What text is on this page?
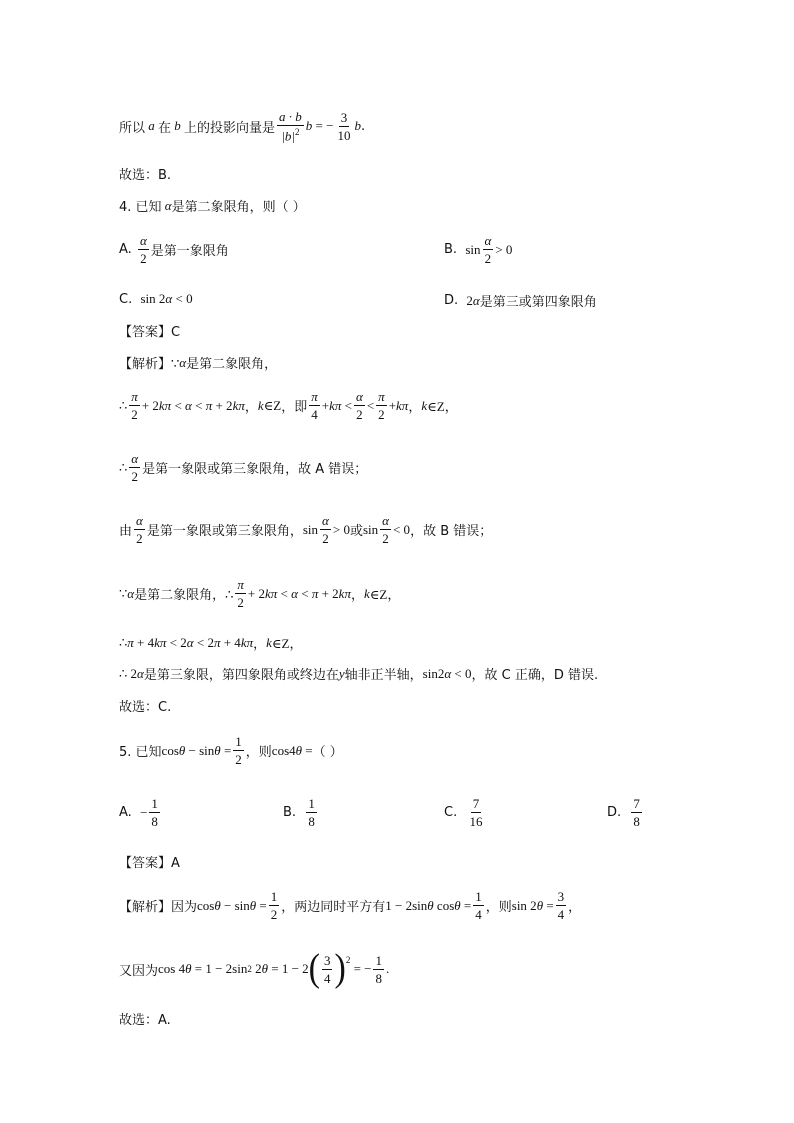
所以 a 在 b 上的投影向量是 $\frac{a \cdot b}{|b|^2}$ b = − $\frac{3}{10}$ b .
故选：B.
4. 已知 α 是第二象限角，则（ ）
A.
$\frac{\alpha}{2}$ 是第一象限角	B.
$\sin \frac{\alpha}{2} > 0$
C.
sin 2 α < 0	D.
2 α 是第三或第四象限角
【答案】C
【解析】∵ α 是第二象限角，
∴ $\frac{\pi}{2} + 2$ kπ < α < π + 2 kπ ， k ∈Z ，即 $\frac{\pi}{4} + k\pi < \frac{\alpha}{2} < \frac{\pi}{2} + k\pi$ ， k ∈Z，
∴ $\frac{\alpha}{2}$ 是第一象限或第三象限角，故 A 错误；
由 $\frac{\alpha}{2}$ 是第一象限或第三象限角， $\sin \frac{\alpha}{2} > 0$ 或 $\sin \frac{\alpha}{2} < 0$ ，故 B 错误；
∵ α 是第二象限角，∴ $\frac{\pi}{2} + 2$ kπ < α < π + 2 kπ ， k ∈Z，
∴ π + 4 kπ < 2 α < 2 π + 4 kπ ， k ∈Z，
∴ 2 α 是第三象限，第四象限角或终边在 y 轴非正半轴， sin2 α < 0 ，故 C 正确，D 错误.
故选：C.
5. 已知 $\cos \theta - \sin \theta = \frac{1}{2}$ ，则 cos4 θ = （ ）
A.
− $\frac{1}{8}$	B.
$\frac{1}{8}$	C.
$\frac{7}{16}$	D.
$\frac{7}{8}$
【答案】A
【解析】因为 $\cos \theta - \sin \theta = \frac{1}{2}$ ，两边同时平方有 1 − 2sin θ $\cos \theta = \frac{1}{4}$ ，则 sin 2 $\theta = \frac{3}{4}$ ，
又因为 cos 4 θ = 1 − 2sin 2 2 θ = 1 − 2 ( $\frac{3}{4}$ ) 2
= − $\frac{1}{8}$ .
故选：A.
